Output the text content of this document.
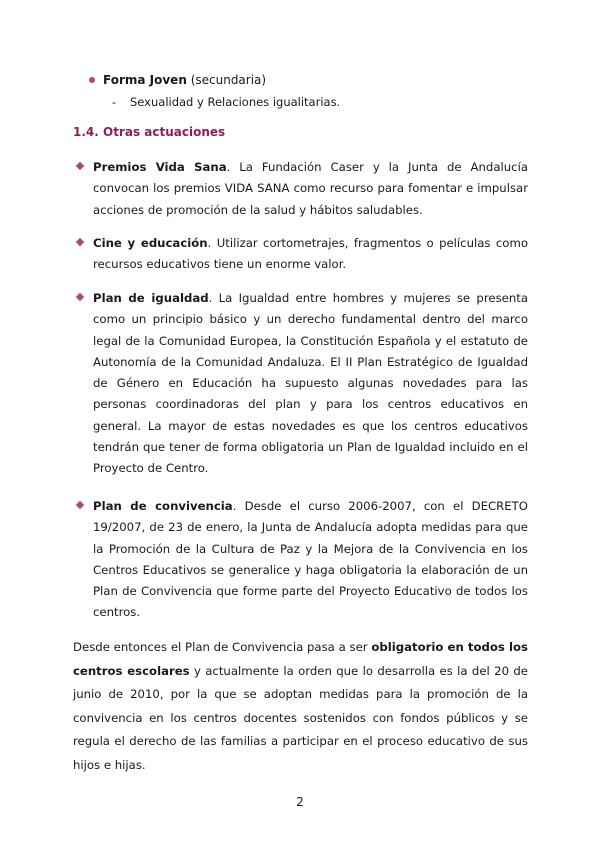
Forma Joven (secundaria)
- Sexualidad y Relaciones igualitarias.
1.4. Otras actuaciones
Premios Vida Sana. La Fundación Caser y la Junta de Andalucía convocan los premios VIDA SANA como recurso para fomentar e impulsar acciones de promoción de la salud y hábitos saludables.
Cine y educación. Utilizar cortometrajes, fragmentos o películas como recursos educativos tiene un enorme valor.
Plan de igualdad. La Igualdad entre hombres y mujeres se presenta como un principio básico y un derecho fundamental dentro del marco legal de la Comunidad Europea, la Constitución Española y el estatuto de Autonomía de la Comunidad Andaluza. El II Plan Estratégico de Igualdad de Género en Educación ha supuesto algunas novedades para las personas coordinadoras del plan y para los centros educativos en general. La mayor de estas novedades es que los centros educativos tendrán que tener de forma obligatoria un Plan de Igualdad incluido en el Proyecto de Centro.
Plan de convivencia. Desde el curso 2006-2007, con el DECRETO 19/2007, de 23 de enero, la Junta de Andalucía adopta medidas para que la Promoción de la Cultura de Paz y la Mejora de la Convivencia en los Centros Educativos se generalice y haga obligatoria la elaboración de un Plan de Convivencia que forme parte del Proyecto Educativo de todos los centros.
Desde entonces el Plan de Convivencia pasa a ser obligatorio en todos los centros escolares y actualmente la orden que lo desarrolla es la del 20 de junio de 2010, por la que se adoptan medidas para la promoción de la convivencia en los centros docentes sostenidos con fondos públicos y se regula el derecho de las familias a participar en el proceso educativo de sus hijos e hijas.
2
